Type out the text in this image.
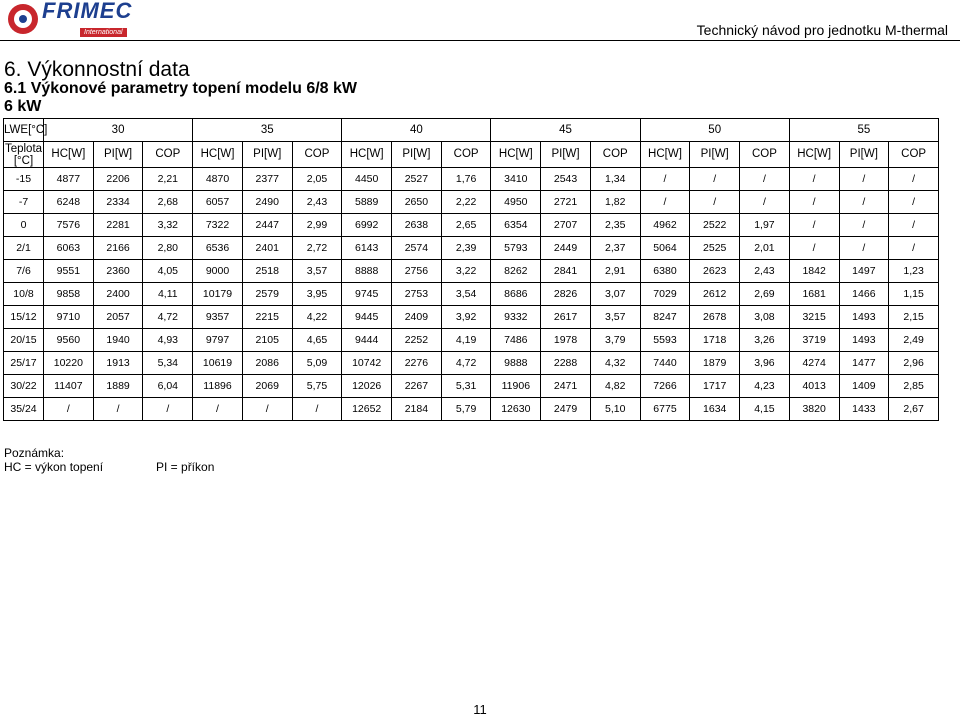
FRIMEC
International	Technický návod pro jednotku M-thermal
6. Výkonnostní data
6.1 Výkonové parametry topení modelu 6/8 kW
6 kW
LWE[°C]	30			35			40			45			50			55		
Teplota
[°C]	HC[W]	PI[W]	COP	HC[W]	PI[W]	COP	HC[W]	PI[W]	COP	HC[W]	PI[W]	COP	HC[W]	PI[W]	COP	HC[W]	PI[W]	COP
-15	4877	2206	2,21	4870	2377	2,05	4450	2527	1,76	3410	2543	1,34	/	/	/	/	/	/
-7	6248	2334	2,68	6057	2490	2,43	5889	2650	2,22	4950	2721	1,82	/	/	/	/	/	/
0	7576	2281	3,32	7322	2447	2,99	6992	2638	2,65	6354	2707	2,35	4962	2522	1,97	/	/	/
2/1	6063	2166	2,80	6536	2401	2,72	6143	2574	2,39	5793	2449	2,37	5064	2525	2,01	/	/	/
7/6	9551	2360	4,05	9000	2518	3,57	8888	2756	3,22	8262	2841	2,91	6380	2623	2,43	1842	1497	1,23
10/8	9858	2400	4,11	10179	2579	3,95	9745	2753	3,54	8686	2826	3,07	7029	2612	2,69	1681	1466	1,15
15/12	9710	2057	4,72	9357	2215	4,22	9445	2409	3,92	9332	2617	3,57	8247	2678	3,08	3215	1493	2,15
20/15	9560	1940	4,93	9797	2105	4,65	9444	2252	4,19	7486	1978	3,79	5593	1718	3,26	3719	1493	2,49
25/17	10220	1913	5,34	10619	2086	5,09	10742	2276	4,72	9888	2288	4,32	7440	1879	3,96	4274	1477	2,96
30/22	11407	1889	6,04	11896	2069	5,75	12026	2267	5,31	11906	2471	4,82	7266	1717	4,23	4013	1409	2,85
35/24	/	/	/	/	/	/	12652	2184	5,79	12630	2479	5,10	6775	1634	4,15	3820	1433	2,67
Poznámka:
HC = výkon topení	PI = příkon
11
